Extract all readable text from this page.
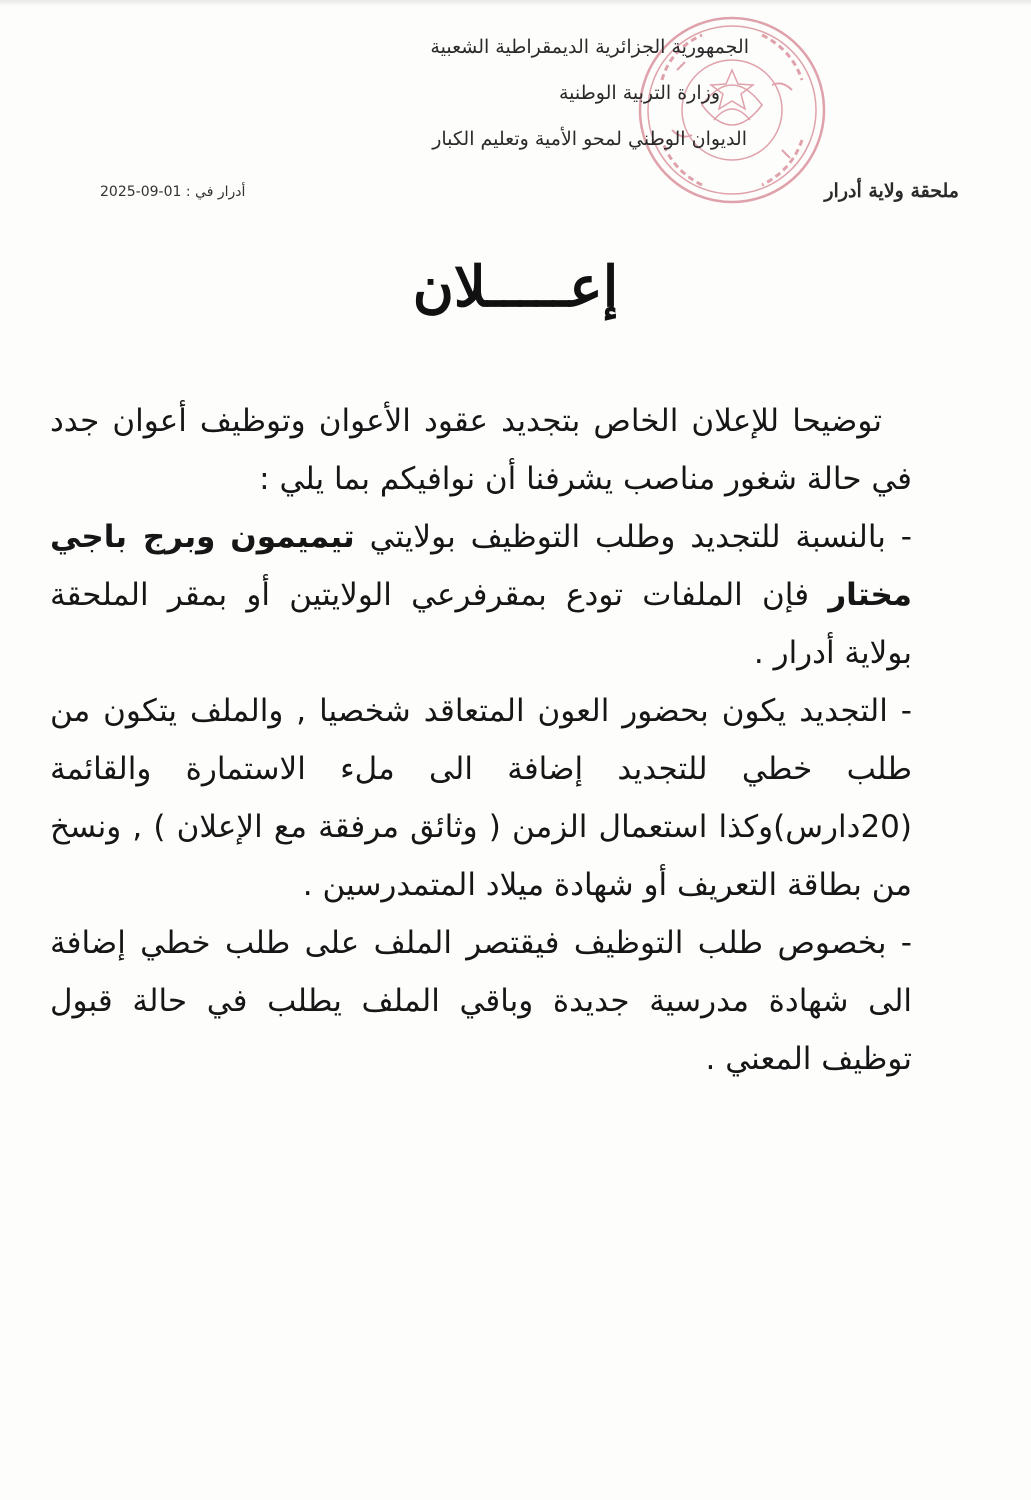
الجمهورية الجزائرية الديمقراطية الشعبية
وزارة التربية الوطنية
الديوان الوطني لمحو الأمية وتعليم الكبار
ملحقة ولاية أدرار
أدرار في : 01-09-2025
إعـــــلان

توضيحا للإعلان الخاص بتجديد عقود الأعوان وتوظيف أعوان جدد في حالة شغور مناصب يشرفنا أن نوافيكم بما يلي :

- بالنسبة للتجديد وطلب التوظيف بولايتي تيميمون وبرج باجي مختار فإن الملفات تودع بمقرفرعي الولايتين أو بمقر الملحقة بولاية أدرار .

- التجديد يكون بحضور العون المتعاقد شخصيا , والملف يتكون من طلب خطي للتجديد إضافة الى ملء الاستمارة والقائمة (20دارس)وكذا استعمال الزمن ( وثائق مرفقة مع الإعلان ) , ونسخ من بطاقة التعريف أو شهادة ميلاد المتمدرسين .

- بخصوص طلب التوظيف فيقتصر الملف على طلب خطي إضافة الى شهادة مدرسية جديدة وباقي الملف يطلب في حالة قبول توظيف المعني .
